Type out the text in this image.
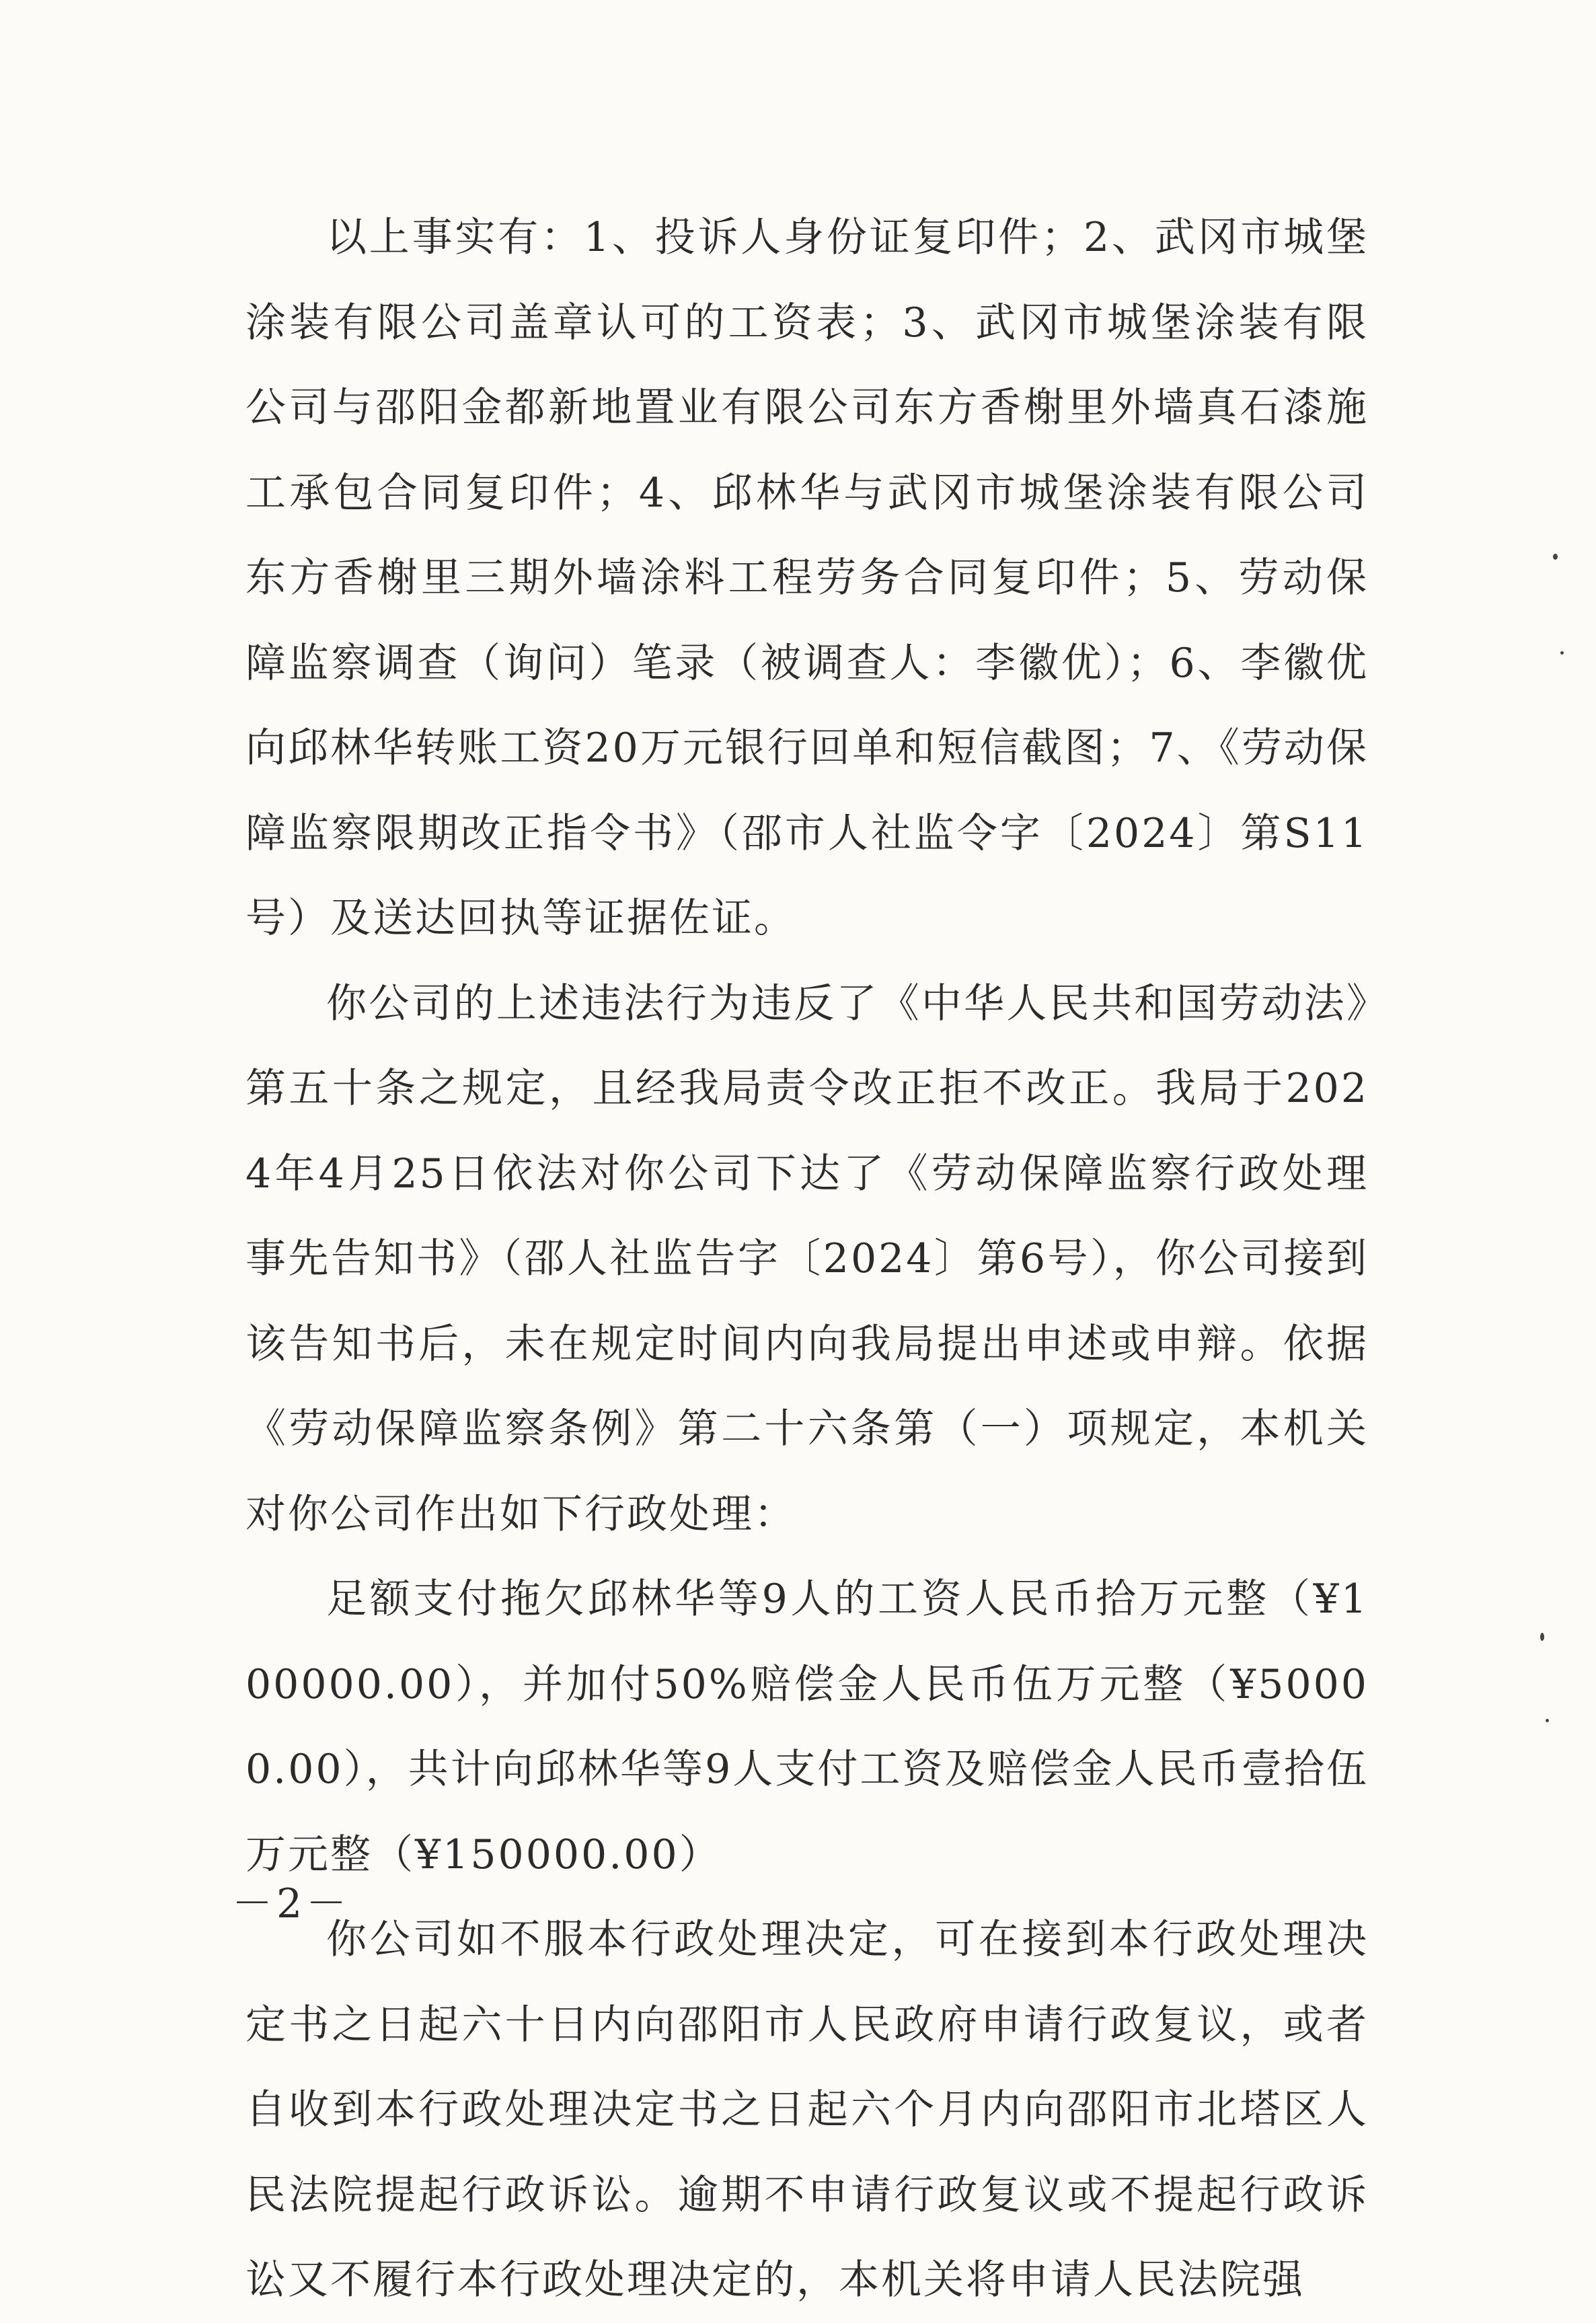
以上事实有：1、投诉人身份证复印件；2、武冈市城堡涂装有限公司盖章认可的工资表；3、武冈市城堡涂装有限公司与邵阳金都新地置业有限公司东方香榭里外墙真石漆施工承包合同复印件；4、邱林华与武冈市城堡涂装有限公司东方香榭里三期外墙涂料工程劳务合同复印件；5、劳动保障监察调查（询问）笔录（被调查人：李徽优）；6、李徽优向邱林华转账工资20万元银行回单和短信截图；7、《劳动保障监察限期改正指令书》（邵市人社监令字〔2024〕第S11号）及送达回执等证据佐证。

你公司的上述违法行为违反了《中华人民共和国劳动法》第五十条之规定，且经我局责令改正拒不改正。我局于2024年4月25日依法对你公司下达了《劳动保障监察行政处理事先告知书》（邵人社监告字〔2024〕第6号），你公司接到该告知书后，未在规定时间内向我局提出申述或申辩。依据《劳动保障监察条例》第二十六条第（一）项规定，本机关对你公司作出如下行政处理：

足额支付拖欠邱林华等9人的工资人民币拾万元整（¥100000.00），并加付50%赔偿金人民币伍万元整（¥50000.00），共计向邱林华等9人支付工资及赔偿金人民币壹拾伍万元整（¥150000.00）

你公司如不服本行政处理决定，可在接到本行政处理决定书之日起六十日内向邵阳市人民政府申请行政复议，或者自收到本行政处理决定书之日起六个月内向邵阳市北塔区人民法院提起行政诉讼。逾期不申请行政复议或不提起行政诉讼又不履行本行政处理决定的，本机关将申请人民法院强

－2－
